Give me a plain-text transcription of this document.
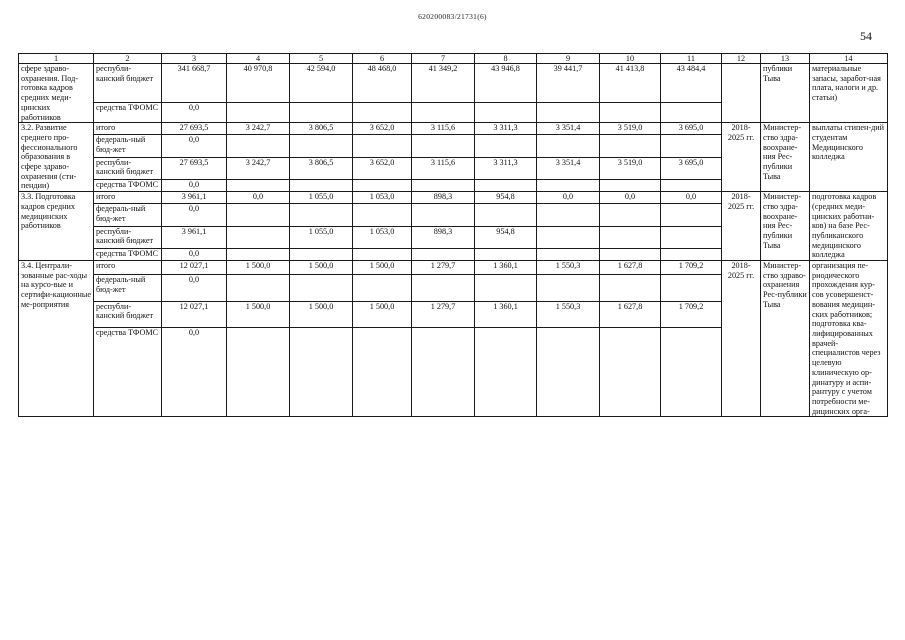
620200083/21731(6)
54
1	2	3	4	5	6	7	8	9	10	11	12	13	14
сфере здраво-охранения. Под-готовка кадров средних меди-цинских работников	республи-канский бюджет	341 668,7	40 970,8	42 594,0	48 468,0	41 349,2	43 946,8	39 441,7	41 413,8	43 484,4		публики Тыва	материальные запасы, заработ-ная плата, налоги и др. статьи)
	средства ТФОМС	0,0											
3.2. Развитие среднего про-фессионального образования в сфере здраво-охранения (сти-пендии)	итого	27 693,5	3 242,7	3 806,5	3 652,0	3 115,6	3 311,3	3 351,4	3 519,0	3 695,0	2018-2025 гг.	Министер-ство здра-воохране-ния Рес-публики Тыва	выплаты стипен-дий студентам Медицинского колледжа
	федераль-ный бюд-жет	0,0											
	республи-канский бюджет	27 693,5	3 242,7	3 806,5	3 652,0	3 115,6	3 311,3	3 351,4	3 519,0	3 695,0			
	средства ТФОМС	0,0											
3.3. Подготовка кадров средних медицинских работников	итого	3 961,1	0,0	1 055,0	1 053,0	898,3	954,8	0,0	0,0	0,0	2018-2025 гг.	Министер-ство здра-воохране-ния Рес-публики Тыва	подготовка кадров (средних меди-цинских работни-ков) на базе Рес-публиканского медицинского колледжа
	федераль-ный бюд-жет	0,0											
	республи-канский бюджет	3 961,1		1 055,0	1 053,0	898,3	954,8						
	средства ТФОМС	0,0											
3.4. Централи-зованные рас-ходы на курсо-вые и сертифи-кационные ме-роприятия	итого	12 027,1	1 500,0	1 500,0	1 500,0	1 279,7	1 360,1	1 550,3	1 627,8	1 709,2	2018-2025 гг.	Министер-ство здраво-охранения Рес-публики Тыва	организация пе-риодического прохождения кур-сов усовершенст-вования медицин-ских работников; подготовка ква-лифицированных врачей-специалистов через целевую клиническую ор-динатуру и аспи-рантуру с учетом потребности ме-дицинских орга-
	федераль-ный бюд-жет	0,0											
	республи-канский бюджет	12 027,1	1 500,0	1 500,0	1 500,0	1 279,7	1 360,1	1 550,3	1 627,8	1 709,2			
	средства ТФОМС	0,0											
